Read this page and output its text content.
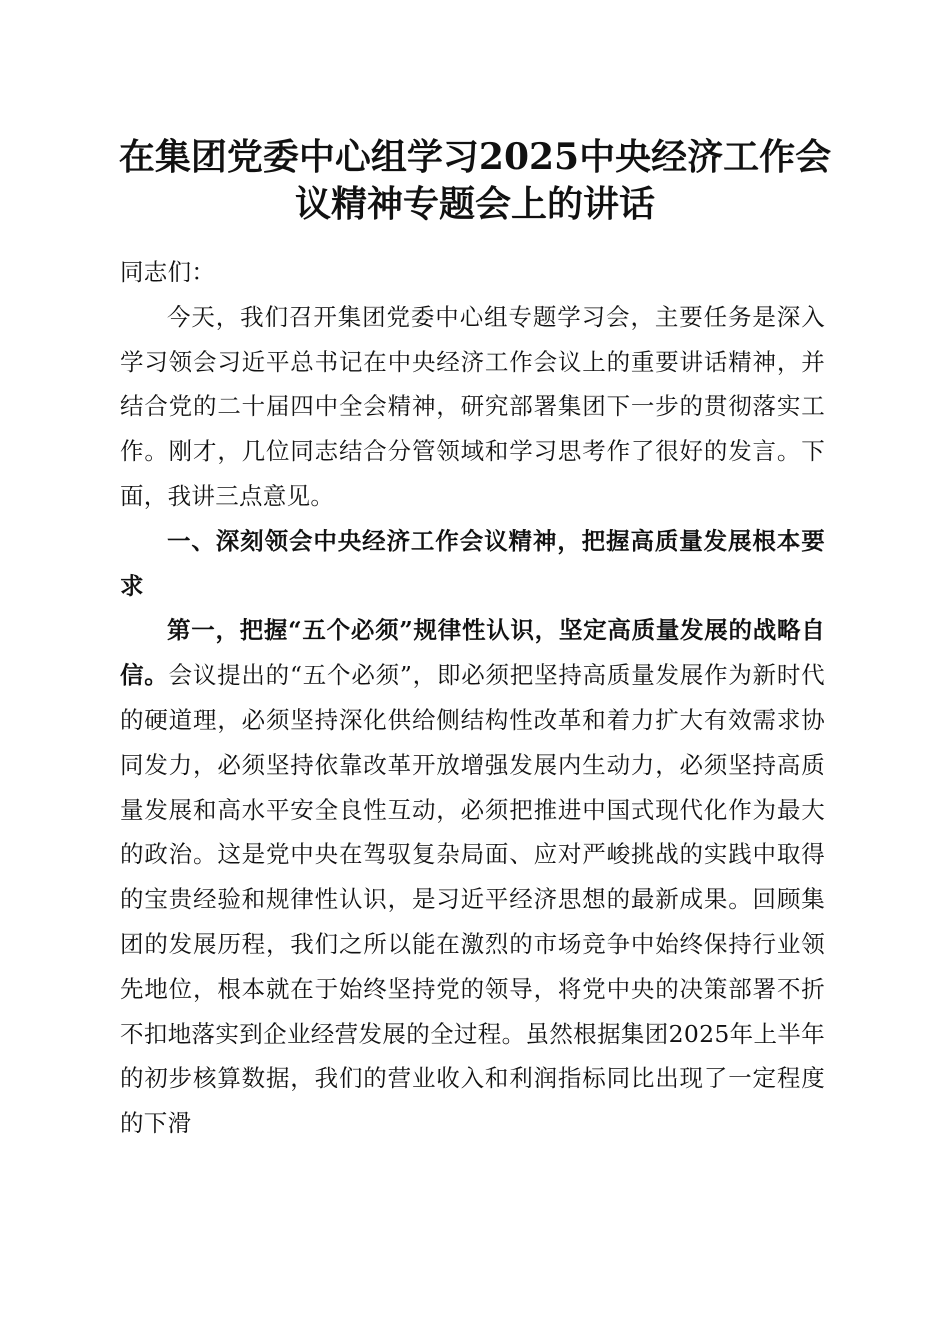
在集团党委中心组学习2025中央经济工作会
议精神专题会上的讲话

同志们：

今天，我们召开集团党委中心组专题学习会，主要任务是深入学习领会习近平总书记在中央经济工作会议上的重要讲话精神，并结合党的二十届四中全会精神，研究部署集团下一步的贯彻落实工作。刚才，几位同志结合分管领域和学习思考作了很好的发言。下面，我讲三点意见。

一、深刻领会中央经济工作会议精神，把握高质量发展根本要求

第一，把握“五个必须”规律性认识，坚定高质量发展的战略自信。会议提出的“五个必须”，即必须把坚持高质量发展作为新时代的硬道理，必须坚持深化供给侧结构性改革和着力扩大有效需求协同发力，必须坚持依靠改革开放增强发展内生动力，必须坚持高质量发展和高水平安全良性互动，必须把推进中国式现代化作为最大的政治。这是党中央在驾驭复杂局面、应对严峻挑战的实践中取得的宝贵经验和规律性认识，是习近平经济思想的最新成果。回顾集团的发展历程，我们之所以能在激烈的市场竞争中始终保持行业领先地位，根本就在于始终坚持党的领导，将党中央的决策部署不折不扣地落实到企业经营发展的全过程。虽然根据集团2025年上半年的初步核算数据，我们的营业收入和利润指标同比出现了一定程度的下滑
